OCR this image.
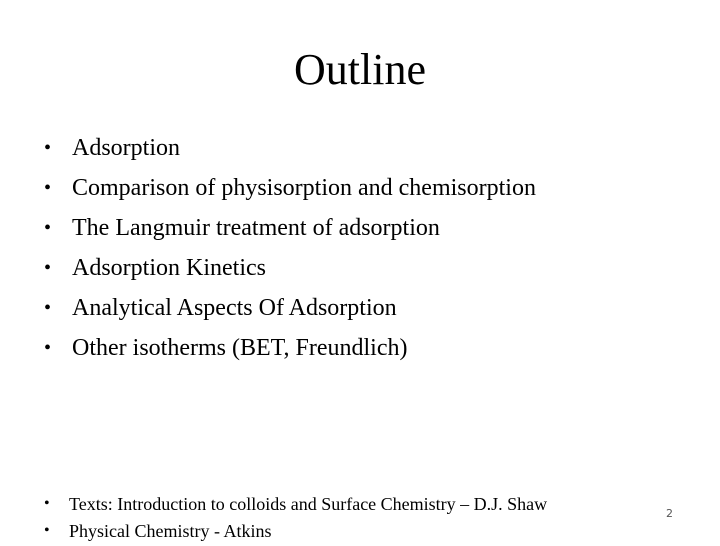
Outline
• Adsorption
• Comparison of physisorption and chemisorption
• The Langmuir treatment of adsorption
• Adsorption Kinetics
• Analytical Aspects Of Adsorption
• Other isotherms (BET, Freundlich)
• Texts: Introduction to colloids and Surface Chemistry – D.J. Shaw
• Physical Chemistry - Atkins
2
